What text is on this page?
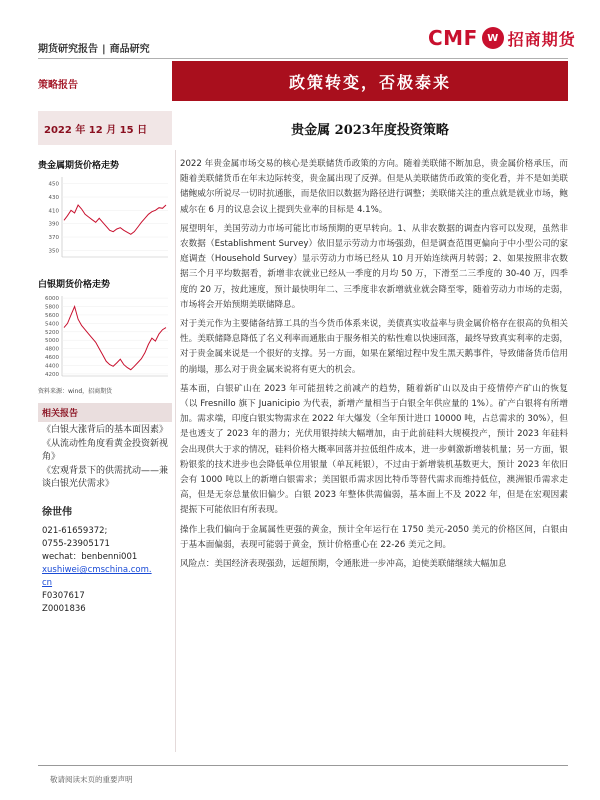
期货研究报告 | 商品研究	CMF W 招商期货
策略报告	政策转变，否极泰来
2022 年 12 月 15 日	贵金属 2023年度投资策略
贵金属期货价格走势
450
430
410
390
370
350
白银期货价格走势
6000
5800
5600
5400
5200
5000
4800
4600
4400
4200
资料来源：wind，招商期货
相关报告
《白银大涨背后的基本面因素》
《从流动性角度看黄金投资新视角》
《宏观背景下的供需扰动——兼谈白银光伏需求》
徐世伟
021-61659372;
0755-23905171
wechat：benbenni001
xushiwei@cmschina.com.
cn
F0307617
Z0001836

2022 年贵金属市场交易的核心是美联储货币政策的方向。随着美联储不断加息，贵金属价格承压，而随着美联储货币在年末边际转变，贵金属出现了反弹。但是从美联储货币政策的变化看，并不是如美联储鲍威尔所说尽一切时抗通胀，而是依旧以数据为路径进行调整；美联储关注的重点就是就业市场，鲍威尔在 6 月的议息会议上提到失业率的目标是 4.1%。

展望明年，美国劳动力市场可能比市场预期的更早转向。1、从非农数据的调查内容可以发现，虽然非农数据（Establishment Survey）依旧显示劳动力市场强劲，但是调查范围更偏向于中小型公司的家庭调查（Household Survey）显示劳动力市场已经从 10 月开始连续两月转弱；2、如果按照非农数据三个月平均数据看，新增非农就业已经从一季度的月均 50 万，下滑至二三季度的 30-40 万，四季度的 20 万，按此速度，预计最快明年二、三季度非农新增就业就会降至零，随着劳动力市场的走弱，市场将会开始预期美联储降息。

对于美元作为主要储备结算工具的当今货币体系来说，美债真实收益率与贵金属价格存在很高的负相关性。美联储降息降低了名义利率而通胀由于服务相关的粘性难以快速回落，最终导致真实利率的走弱，对于贵金属来说是一个很好的支撑。另一方面，如果在紧缩过程中发生黑天鹅事件，导致储备货币信用的崩塌，那么对于贵金属来说将有更大的机会。

基本面，白银矿山在 2023 年可能扭转之前减产的趋势，随着新矿山以及由于疫情停产矿山的恢复（以 Fresnillo 旗下 Juanicipio 为代表，新增产量相当于白银全年供应量的 1%）。矿产白银将有所增加。需求端，印度白银实物需求在 2022 年大爆发（全年预计进口 10000 吨，占总需求的 30%），但是也透支了 2023 年的潜力；光伏用银持续大幅增加，由于此前硅料大规模投产，预计 2023 年硅料会出现供大于求的情况，硅料价格大概率回落并拉低组件成本，进一步刺激新增装机量；另一方面，银粉银浆的技术进步也会降低单位用银量（单瓦耗银），不过由于新增装机基数更大，预计 2023 年依旧会有 1000 吨以上的新增白银需求；美国银币需求因比特币等替代需求而维持低位，澳洲银币需求走高，但是无奈总量依旧偏少。白银 2023 年整体供需偏弱，基本面上不及 2022 年，但是在宏观因素提振下可能依旧有所表现。

操作上我们偏向于金属属性更强的黄金，预计全年运行在 1750 美元-2050 美元的价格区间，白银由于基本面偏弱，表现可能弱于黄金，预计价格重心在 22-26 美元之间。

风险点：美国经济表现强劲，远超预期，令通胀进一步冲高，迫使美联储继续大幅加息

敬请阅读末页的重要声明
